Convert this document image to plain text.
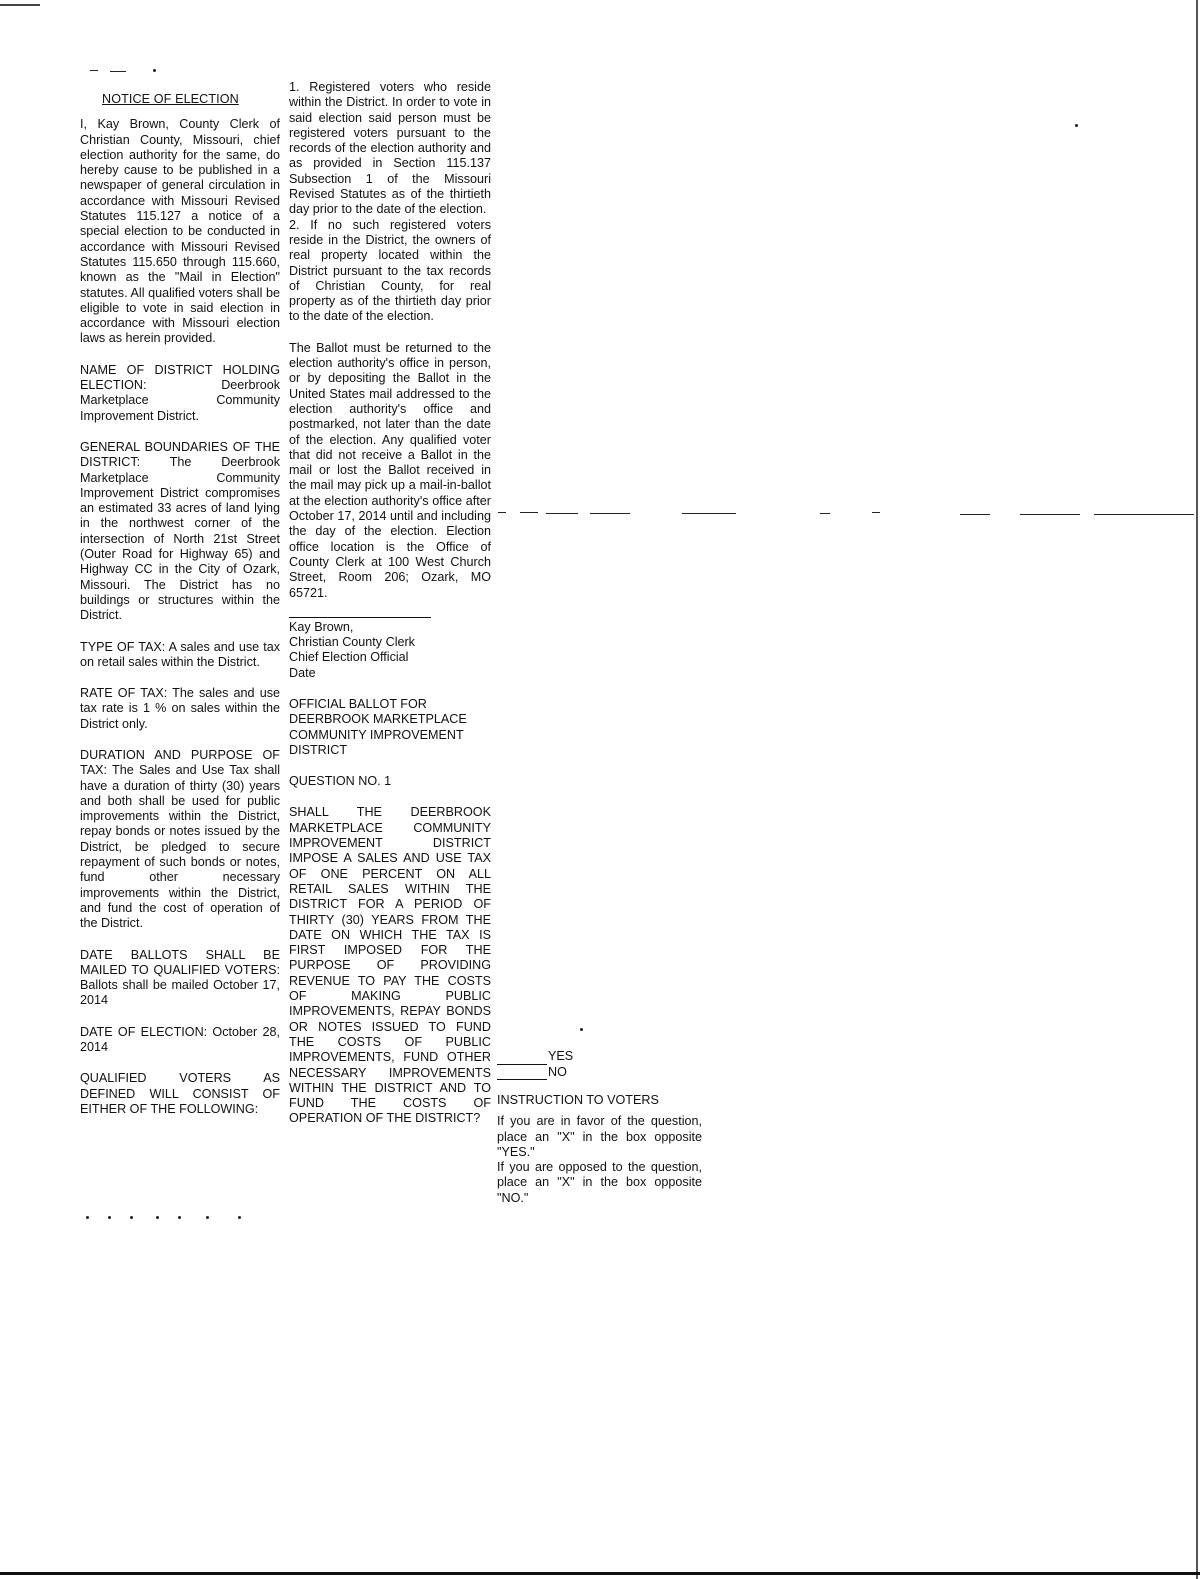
NOTICE OF ELECTION

I, Kay Brown, County Clerk of Christian County, Missouri, chief election authority for the same, do hereby cause to be published in a newspaper of general circulation in accordance with Missouri Revised Statutes 115.127 a notice of a special election to be conducted in accordance with Missouri Revised Statutes 115.650 through 115.660, known as the "Mail in Election" statutes. All qualified voters shall be eligible to vote in said election in accordance with Missouri election laws as herein provided.

NAME OF DISTRICT HOLDING ELECTION: Deerbrook Marketplace Community Improvement District.

GENERAL BOUNDARIES OF THE DISTRICT: The Deerbrook Marketplace Community Improvement District compromises an estimated 33 acres of land lying in the northwest corner of the intersection of North 21st Street (Outer Road for Highway 65) and Highway CC in the City of Ozark, Missouri. The District has no buildings or structures within the District.

TYPE OF TAX: A sales and use tax on retail sales within the District.

RATE OF TAX: The sales and use tax rate is 1 % on sales within the District only.

DURATION AND PURPOSE OF TAX: The Sales and Use Tax shall have a duration of thirty (30) years and both shall be used for public improvements within the District, repay bonds or notes issued by the District, be pledged to secure repayment of such bonds or notes, fund other necessary improvements within the District, and fund the cost of operation of the District.

DATE BALLOTS SHALL BE MAILED TO QUALIFIED VOTERS: Ballots shall be mailed October 17, 2014

DATE OF ELECTION: October 28, 2014

QUALIFIED VOTERS AS DEFINED WILL CONSIST OF EITHER OF THE FOLLOWING:

1. Registered voters who reside within the District. In order to vote in said election said person must be registered voters pursuant to the records of the election authority and as provided in Section 115.137 Subsection 1 of the Missouri Revised Statutes as of the thirtieth day prior to the date of the election.

2. If no such registered voters reside in the District, the owners of real property located within the District pursuant to the tax records of Christian County, for real property as of the thirtieth day prior to the date of the election.

The Ballot must be returned to the election authority's office in person, or by depositing the Ballot in the United States mail addressed to the election authority's office and postmarked, not later than the date of the election. Any qualified voter that did not receive a Ballot in the mail or lost the Ballot received in the mail may pick up a mail-in-ballot at the election authority's office after October 17, 2014 until and including the day of the election. Election office location is the Office of County Clerk at 100 West Church Street, Room 206; Ozark, MO 65721.

Kay Brown,

Christian County Clerk

Chief Election Official

Date

OFFICIAL BALLOT FOR DEERBROOK MARKETPLACE COMMUNITY IMPROVEMENT DISTRICT

QUESTION NO. 1

SHALL THE DEERBROOK MARKETPLACE COMMUNITY IMPROVEMENT DISTRICT IMPOSE A SALES AND USE TAX OF ONE PERCENT ON ALL RETAIL SALES WITHIN THE DISTRICT FOR A PERIOD OF THIRTY (30) YEARS FROM THE DATE ON WHICH THE TAX IS FIRST IMPOSED FOR THE PURPOSE OF PROVIDING REVENUE TO PAY THE COSTS OF MAKING PUBLIC IMPROVEMENTS, REPAY BONDS OR NOTES ISSUED TO FUND THE COSTS OF PUBLIC IMPROVEMENTS, FUND OTHER NECESSARY IMPROVEMENTS WITHIN THE DISTRICT AND TO FUND THE COSTS OF OPERATION OF THE DISTRICT?

YES
NO

INSTRUCTION TO VOTERS

If you are in favor of the question, place an "X" in the box opposite "YES."

If you are opposed to the question, place an "X" in the box opposite "NO."
